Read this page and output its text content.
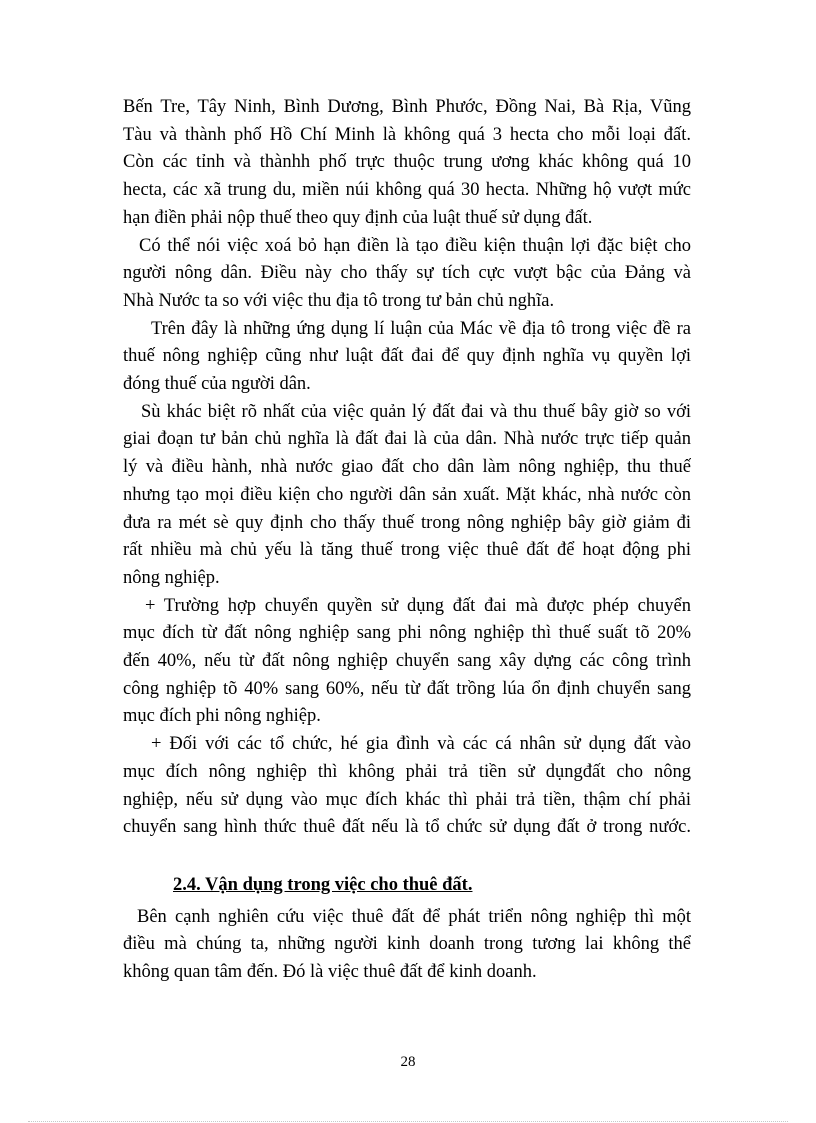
Bến Tre, Tây Ninh, Bình Dương, Bình Phước, Đồng Nai, Bà Rịa, Vũng
Tàu và thành phố Hồ Chí Minh là không quá 3 hecta cho mỗi loại đất.
Còn các tỉnh và thànhh phố trực thuộc trung ương khác không quá 10
hecta, các xã trung du, miền núi không quá 30 hecta. Những hộ vượt mức
hạn điền phải nộp thuế theo quy định của luật thuế sử dụng đất.

Có thể nói việc xoá bỏ hạn điền là tạo điều kiện thuận lợi đặc biệt cho
người nông dân. Điều này cho thấy sự tích cực vượt bậc của Đảng và
Nhà Nước ta so với việc thu địa tô trong tư bản chủ nghĩa.

Trên đây là những ứng dụng lí luận của Mác về địa tô trong việc đề ra
thuế nông nghiệp cũng như luật đất đai để quy định nghĩa vụ quyền lợi
đóng thuế của người dân.

Sù khác biệt rõ nhất của việc quản lý đất đai và thu thuế bây giờ so với
giai đoạn tư bản chủ nghĩa là đất đai là của dân. Nhà nước trực tiếp quản
lý và điều hành, nhà nước giao đất cho dân làm nông nghiệp, thu thuế
nhưng tạo mọi điều kiện cho người dân sản xuất. Mặt khác, nhà nước còn
đưa ra mét sè quy định cho thấy thuế trong nông nghiệp bây giờ giảm đi
rất nhiều mà chủ yếu là tăng thuế trong việc thuê đất để hoạt động phi
nông nghiệp.

+ Trường hợp chuyển quyền sử dụng đất đai mà được phép chuyển
mục đích từ đất nông nghiệp sang phi nông nghiệp thì thuế suất tõ 20%
đến 40%, nếu từ đất nông nghiệp chuyển sang xây dựng các công trình
công nghiệp tõ 40% sang 60%, nếu từ đất trồng lúa ổn định chuyển sang
mục đích phi nông nghiệp.

+ Đối với các tổ chức, hé gia đình và các cá nhân sử dụng đất vào
mục đích nông nghiệp thì không phải trả tiền sử dụngđất cho nông
nghiệp, nếu sử dụng vào mục đích khác thì phải trả tiền, thậm chí phải
chuyển sang hình thức thuê đất nếu là tổ chức sử dụng đất ở trong nước.

2.4. Vận dụng trong việc cho thuê đất.

Bên cạnh nghiên cứu việc thuê đất để phát triển nông nghiệp thì một
điều mà chúng ta, những người kinh doanh trong tương lai không thể
không quan tâm đến. Đó là việc thuê đất để kinh doanh.

28
